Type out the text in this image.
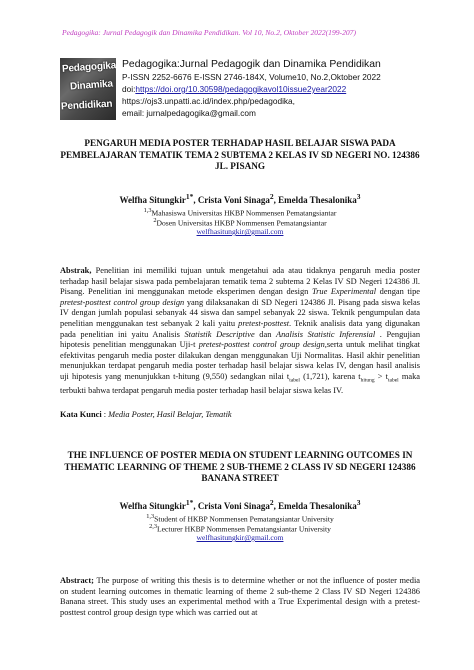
Pedagogika: Jurnal Pedagogik dan Dinamika Pendidikan. Vol 10, No.2, Oktober 2022(199-207)
Pedagogika
Dinamika
Pendidikan
Pedagogika:Jurnal Pedagogik dan Dinamika Pendidikan
P-ISSN 2252-6676 E-ISSN 2746-184X, Volume10, No.2,Oktober 2022
doi:https://doi.org/10.30598/pedagogikavol10issue2year2022
https://ojs3.unpatti.ac.id/index.php/pedagodika,
email: jurnalpedagogika@gmail.com
PENGARUH MEDIA POSTER TERHADAP HASIL BELAJAR SISWA PADA PEMBELAJARAN TEMATIK TEMA 2 SUBTEMA 2 KELAS IV SD NEGERI NO. 124386 JL. PISANG
Welfha Situngkir$^{1*}$, Crista Voni Sinaga$^2$, Emelda Thesalonika$^3$
$^{1,3}$Mahasiswa Universitas HKBP Nommensen Pematangsiantar
$^2$Dosen Universitas HKBP Nommensen Pematangsiantar
welfhasitungkir@gmail.com
Abstrak, Penelitian ini memiliki tujuan untuk mengetahui ada atau tidaknya pengaruh media poster terhadap hasil belajar siswa pada pembelajaran tematik tema 2 subtema 2 Kelas IV SD Negeri 124386 Jl. Pisang. Penelitian ini menggunakan metode eksperimen dengan design True Experimental dengan tipe pretest-posttest control group design yang dilaksanakan di SD Negeri 124386 Jl. Pisang pada siswa kelas IV dengan jumlah populasi sebanyak 44 siswa dan sampel sebanyak 22 siswa. Teknik pengumpulan data penelitian menggunakan test sebanyak 2 kali yaitu pretest-posttest. Teknik analisis data yang digunakan pada penelitian ini yaitu Analisis Statistik Descriptive dan Analisis Statistic Inferensial . Pengujian hipotesis penelitian menggunakan Uji-t pretest-posttest control group design,serta untuk melihat tingkat efektivitas pengaruh media poster dilakukan dengan menggunakan Uji Normalitas. Hasil akhir penelitian menunjukkan terdapat pengaruh media poster terhadap hasil belajar siswa kelas IV, dengan hasil analisis uji hipotesis yang menunjukkan t-hitung (9,550) sedangkan nilai $t_{tabel}$ (1,721), karena $t_{hitung} > t_{tabel}$ maka terbukti bahwa terdapat pengaruh media poster terhadap hasil belajar siswa kelas IV.
Kata Kunci : Media Poster, Hasil Belajar, Tematik
THE INFLUENCE OF POSTER MEDIA ON STUDENT LEARNING OUTCOMES IN THEMATIC LEARNING OF THEME 2 SUB-THEME 2 CLASS IV SD NEGERI 124386 BANANA STREET
Welfha Situngkir$^{1*}$, Crista Voni Sinaga$^2$, Emelda Thesalonika$^3$
$^{1,3}$Student of HKBP Nommensen Pematangsiantar University
$^{2,3}$Lecturer HKBP Nommensen Pematangsiantar University
welfhasitungkir@gmail.com
Abstract; The purpose of writing this thesis is to determine whether or not the influence of poster media on student learning outcomes in thematic learning of theme 2 sub-theme 2 Class IV SD Negeri 124386 Banana street. This study uses an experimental method with a True Experimental design with a pretest-posttest control group design type which was carried out at
